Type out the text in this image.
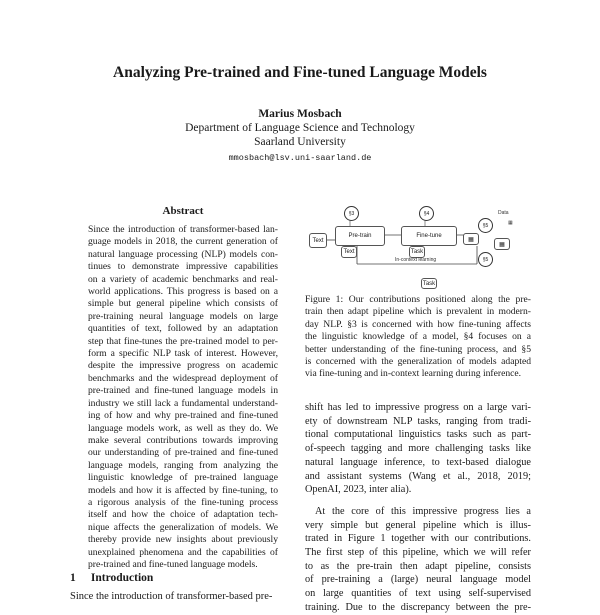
Analyzing Pre-trained and Fine-tuned Language Models
Marius Mosbach
Department of Language Science and Technology
Saarland University
mmosbach@lsv.uni-saarland.de
Abstract
Since the introduction of transformer-based lan-
guage models in 2018, the current generation of
natural language processing (NLP) models con-
tinues to demonstrate impressive capabilities
on a variety of academic benchmarks and real-
world applications. This progress is based on a
simple but general pipeline which consists of
pre-training neural language models on large
quantities of text, followed by an adaptation
step that fine-tunes the pre-trained model to per-
form a specific NLP task of interest. However,
despite the impressive progress on academic
benchmarks and the widespread deployment of
pre-trained and fine-tuned language models in
industry we still lack a fundamental understand-
ing of how and why pre-trained and fine-tuned
language models work, as well as they do. We
make several contributions towards improving
our understanding of pre-trained and fine-tuned
language models, ranging from analyzing the
linguistic knowledge of pre-trained language
models and how it is affected by fine-tuning, to
a rigorous analysis of the fine-tuning process
itself and how the choice of adaptation tech-
nique affects the generalization of models. We
thereby provide new insights about previously
unexplained phenomena and the capabilities of
pre-trained and fine-tuned language models.
1 Introduction
Since the introduction of transformer-based pre-
§3	§4
§5
§5
Text
Pre-train
Text
Fine-tune
Task
▦
▦
Task
In-context learning
Data
▦
Figure 1: Our contributions positioned along the pre-
train then adapt pipeline which is prevalent in modern-
day NLP. §3 is concerned with how fine-tuning affects
the linguistic knowledge of a model, §4 focuses on a
better understanding of the fine-tuning process, and §5
is concerned with the generalization of models adapted
via fine-tuning and in-context learning during inference.
shift has led to impressive progress on a large vari-
ety of downstream NLP tasks, ranging from tradi-
tional computational linguistics tasks such as part-
of-speech tagging and more challenging tasks like
natural language inference, to text-based dialogue
and assistant systems (Wang et al., 2018, 2019;
OpenAI, 2023, inter alia).
At the core of this impressive progress lies a
very simple but general pipeline which is illus-
trated in Figure 1 together with our contributions.
The first step of this pipeline, which we will refer
to as the pre-train then adapt pipeline, consists
of pre-training a (large) neural language model
on large quantities of text using self-supervised
training. Due to the discrepancy between the pre-
